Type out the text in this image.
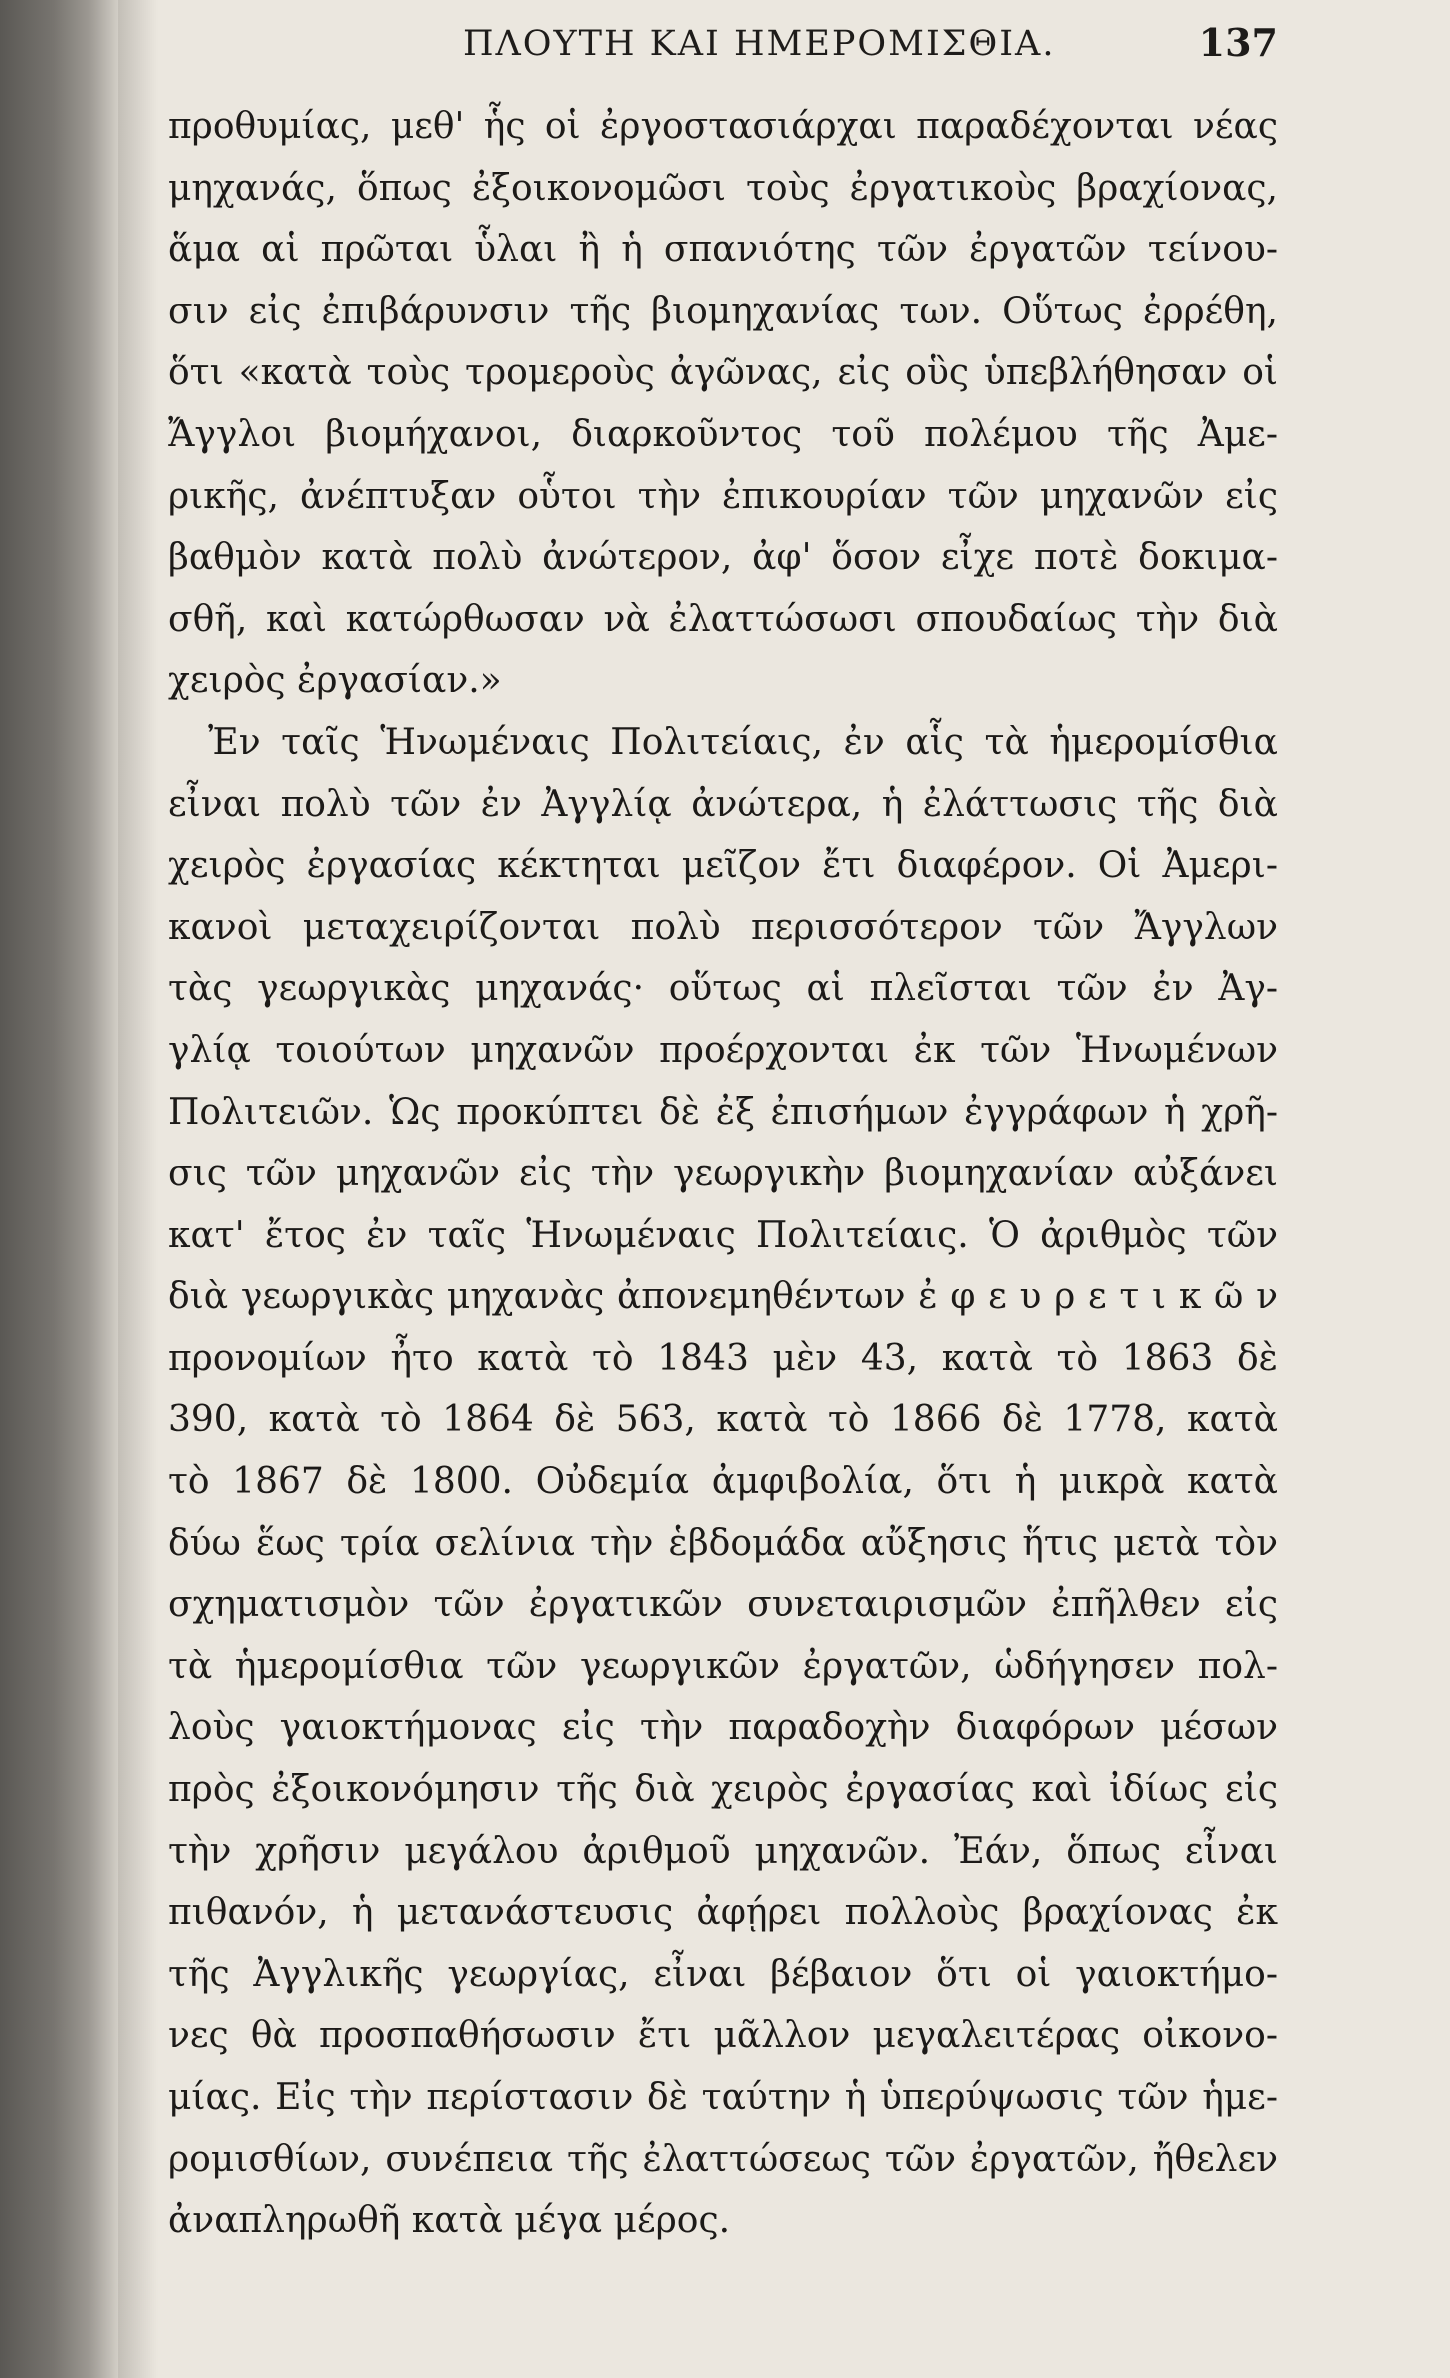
ΠΛΟΥΤΗ ΚΑΙ ΗΜΕΡΟΜΙΣΘΙΑ.	137
προθυμίας, μεθ' ἧς οἱ ἐργοστασιάρχαι παραδέχονται νέας
μηχανάς, ὅπως ἐξοικονομῶσι τοὺς ἐργατικοὺς βραχίονας,
ἅμα αἱ πρῶται ὗλαι ἢ ἡ σπανιότης τῶν ἐργατῶν τείνου-
σιν εἰς ἐπιβάρυνσιν τῆς βιομηχανίας των. Οὕτως ἐρρέθη,
ὅτι «κατὰ τοὺς τρομεροὺς ἀγῶνας, εἰς οὓς ὑπεβλήθησαν οἱ
Ἄγγλοι βιομήχανοι, διαρκοῦντος τοῦ πολέμου τῆς Ἀμε-
ρικῆς, ἀνέπτυξαν οὗτοι τὴν ἐπικουρίαν τῶν μηχανῶν εἰς
βαθμὸν κατὰ πολὺ ἀνώτερον, ἀφ' ὅσον εἶχε ποτὲ δοκιμα-
σθῆ, καὶ κατώρθωσαν νὰ ἐλαττώσωσι σπουδαίως τὴν διὰ
χειρὸς ἐργασίαν.»
Ἐν ταῖς Ἡνωμέναις Πολιτείαις, ἐν αἷς τὰ ἡμερομίσθια
εἶναι πολὺ τῶν ἐν Ἀγγλίᾳ ἀνώτερα, ἡ ἐλάττωσις τῆς διὰ
χειρὸς ἐργασίας κέκτηται μεῖζον ἔτι διαφέρον. Οἱ Ἀμερι-
κανοὶ μεταχειρίζονται πολὺ περισσότερον τῶν Ἄγγλων
τὰς γεωργικὰς μηχανάς· οὕτως αἱ πλεῖσται τῶν ἐν Ἀγ-
γλίᾳ τοιούτων μηχανῶν προέρχονται ἐκ τῶν Ἡνωμένων
Πολιτειῶν. Ὡς προκύπτει δὲ ἐξ ἐπισήμων ἐγγράφων ἡ χρῆ-
σις τῶν μηχανῶν εἰς τὴν γεωργικὴν βιομηχανίαν αὐξάνει
κατ' ἔτος ἐν ταῖς Ἡνωμέναις Πολιτείαις. Ὁ ἀριθμὸς τῶν
διὰ γεωργικὰς μηχανὰς ἀπονεμηθέντων ἐ φ ε υ ρ ε τ ι κ ῶ ν
προνομίων ἦτο κατὰ τὸ 1843 μὲν 43, κατὰ τὸ 1863 δὲ
390, κατὰ τὸ 1864 δὲ 563, κατὰ τὸ 1866 δὲ 1778, κατὰ
τὸ 1867 δὲ 1800. Οὐδεμία ἀμφιβολία, ὅτι ἡ μικρὰ κατὰ
δύω ἕως τρία σελίνια τὴν ἑβδομάδα αὔξησις ἥτις μετὰ τὸν
σχηματισμὸν τῶν ἐργατικῶν συνεταιρισμῶν ἐπῆλθεν εἰς
τὰ ἡμερομίσθια τῶν γεωργικῶν ἐργατῶν, ὡδήγησεν πολ-
λοὺς γαιοκτήμονας εἰς τὴν παραδοχὴν διαφόρων μέσων
πρὸς ἐξοικονόμησιν τῆς διὰ χειρὸς ἐργασίας καὶ ἰδίως εἰς
τὴν χρῆσιν μεγάλου ἀριθμοῦ μηχανῶν. Ἐάν, ὅπως εἶναι
πιθανόν, ἡ μετανάστευσις ἀφῄρει πολλοὺς βραχίονας ἐκ
τῆς Ἀγγλικῆς γεωργίας, εἶναι βέβαιον ὅτι οἱ γαιοκτήμο-
νες θὰ προσπαθήσωσιν ἔτι μᾶλλον μεγαλειτέρας οἰκονο-
μίας. Εἰς τὴν περίστασιν δὲ ταύτην ἡ ὑπερύψωσις τῶν ἡμε-
ρομισθίων, συνέπεια τῆς ἐλαττώσεως τῶν ἐργατῶν, ἤθελεν
ἀναπληρωθῆ κατὰ μέγα μέρος.
